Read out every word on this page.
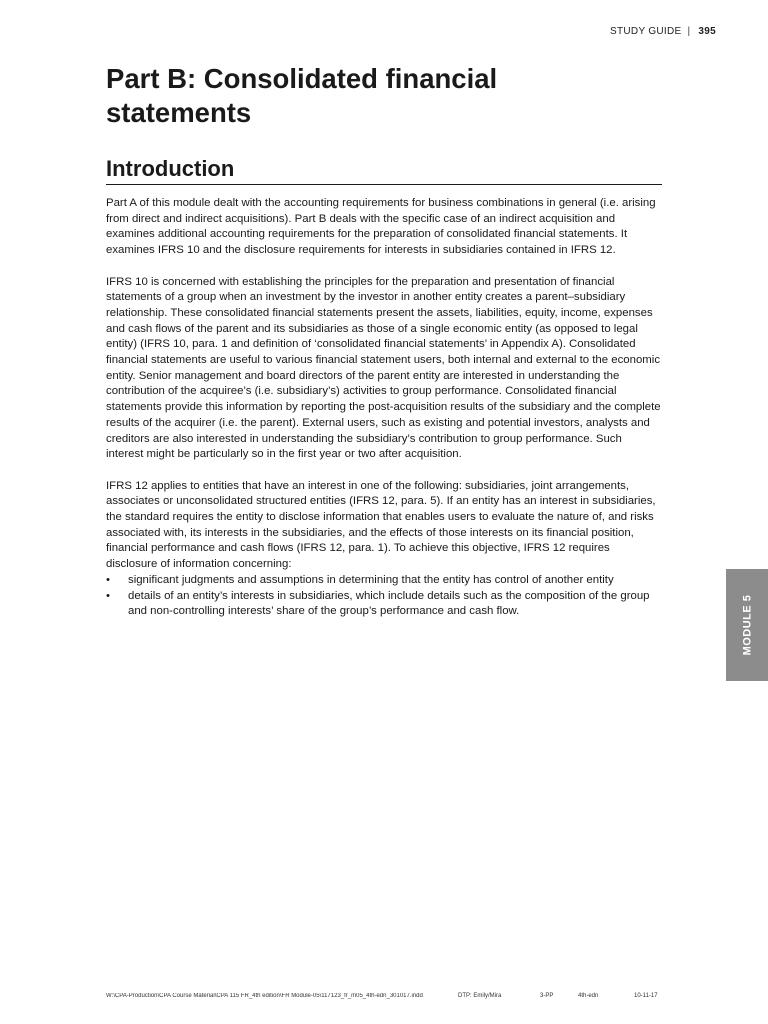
STUDY GUIDE | 395
Part B: Consolidated financial statements
Introduction

Part A of this module dealt with the accounting requirements for business combinations in general (i.e. arising from direct and indirect acquisitions). Part B deals with the specific case of an indirect acquisition and examines additional accounting requirements for the preparation of consolidated financial statements. It examines IFRS 10 and the disclosure requirements for interests in subsidiaries contained in IFRS 12.

IFRS 10 is concerned with establishing the principles for the preparation and presentation of financial statements of a group when an investment by the investor in another entity creates a parent–subsidiary relationship. These consolidated financial statements present the assets, liabilities, equity, income, expenses and cash flows of the parent and its subsidiaries as those of a single economic entity (as opposed to legal entity) (IFRS 10, para. 1 and definition of ‘consolidated financial statements’ in Appendix A). Consolidated financial statements are useful to various financial statement users, both internal and external to the economic entity. Senior management and board directors of the parent entity are interested in understanding the contribution of the acquiree’s (i.e. subsidiary’s) activities to group performance. Consolidated financial statements provide this information by reporting the post-acquisition results of the subsidiary and the complete results of the acquirer (i.e. the parent). External users, such as existing and potential investors, analysts and creditors are also interested in understanding the subsidiary’s contribution to group performance. Such interest might be particularly so in the first year or two after acquisition.

IFRS 12 applies to entities that have an interest in one of the following: subsidiaries, joint arrangements, associates or unconsolidated structured entities (IFRS 12, para. 5). If an entity has an interest in subsidiaries, the standard requires the entity to disclose information that enables users to evaluate the nature of, and risks associated with, its interests in the subsidiaries, and the effects of those interests on its financial position, financial performance and cash flows (IFRS 12, para. 1). To achieve this objective, IFRS 12 requires disclosure of information concerning:

• significant judgments and assumptions in determining that the entity has control of another entity
• details of an entity’s interests in subsidiaries, which include details such as the composition of the group and non-controlling interests’ share of the group’s performance and cash flow.	MODULE 5
W:\CPA-Production\CPA Course Material\CPA 115 FR_4th edition\FR Module-05\117123_fr_m05_4th-edn_301017.indd	DTP: Emily/Mira	3-PP	4th-edn	10-11-17
